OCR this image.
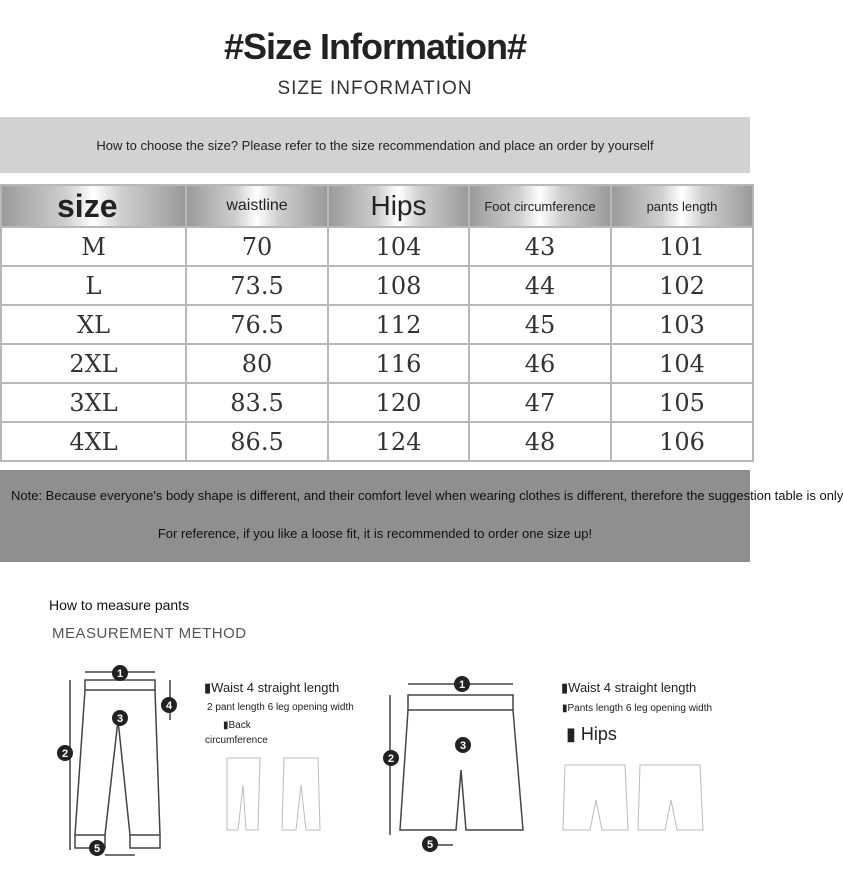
#Size Information#
SIZE INFORMATION
How to choose the size? Please refer to the size recommendation and place an order by yourself
size	waistline	Hips	Foot circumference	pants length
M	70	104	43	101
L	73.5	108	44	102
XL	76.5	112	45	103
2XL	80	116	46	104
3XL	83.5	120	47	105
4XL	86.5	124	48	106
Note: Because everyone's body shape is different, and their comfort level when wearing clothes is different, therefore the suggestion table is only
For reference, if you like a loose fit, it is recommended to order one size up!
How to measure pants
MEASUREMENT METHOD
1
2
3
4
5
▮Waist 4 straight length
2 pant length 6 leg opening width
▮Back
circumference
1
2
3
5
▮Waist 4 straight length
▮Pants length 6 leg opening width
▮ Hips
